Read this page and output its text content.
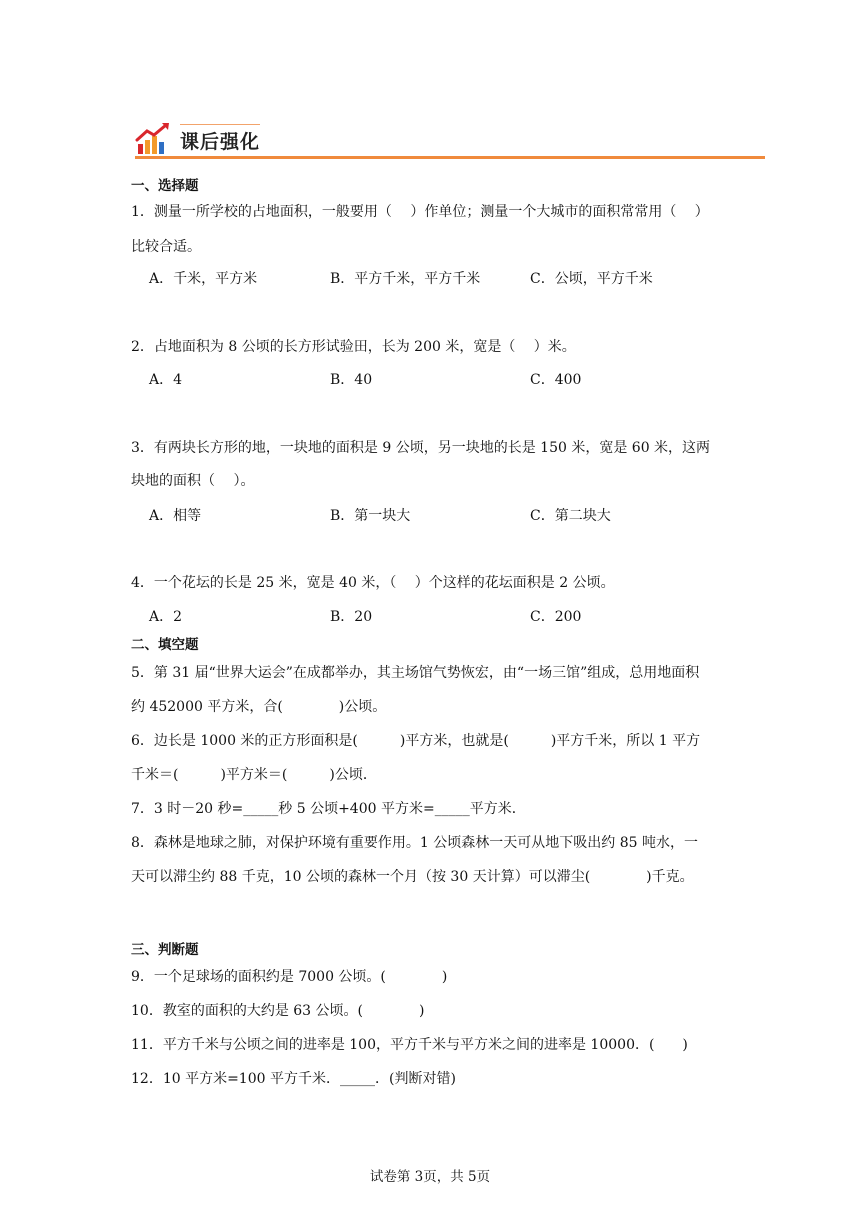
课后强化
一、选择题
1．测量一所学校的占地面积，一般要用（　 ）作单位；测量一个大城市的面积常常用（　 ）
比较合适。
A．千米，平方米	B．平方千米，平方千米	C．公顷，平方千米
2．占地面积为 8 公顷的长方形试验田，长为 200 米，宽是（　 ）米。
A．4	B．40	C．400
3．有两块长方形的地，一块地的面积是 9 公顷，另一块地的长是 150 米，宽是 60 米，这两
块地的面积（　 ）。
A．相等	B．第一块大	C．第二块大
4．一个花坛的长是 25 米，宽是 40 米，（　 ）个这样的花坛面积是 2 公顷。
A．2	B．20	C．200
二、填空题
5．第 31 届“世界大运会”在成都举办，其主场馆气势恢宏，由“一场三馆”组成，总用地面积
约 452000 平方米，合(　　　　)公顷。
6．边长是 1000 米的正方形面积是(　　　)平方米，也就是(　　　)平方千米，所以 1 平方
千米＝(　　　)平方米＝(　　　)公顷．
7．3 时－20 秒=_____秒 5 公顷+400 平方米=_____平方米．
8．森林是地球之肺，对保护环境有重要作用。1 公顷森林一天可从地下吸出约 85 吨水，一
天可以滞尘约 88 千克，10 公顷的森林一个月（按 30 天计算）可以滞尘(　　　　)千克。
三、判断题
9．一个足球场的面积约是 7000 公顷。(　　　　)
10．教室的面积的大约是 63 公顷。(　　　　)
11．平方千米与公顷之间的进率是 100，平方千米与平方米之间的进率是 10000．(　　)
12．10 平方米=100 平方千米．_____．(判断对错)
试卷第 3页，共 5页
